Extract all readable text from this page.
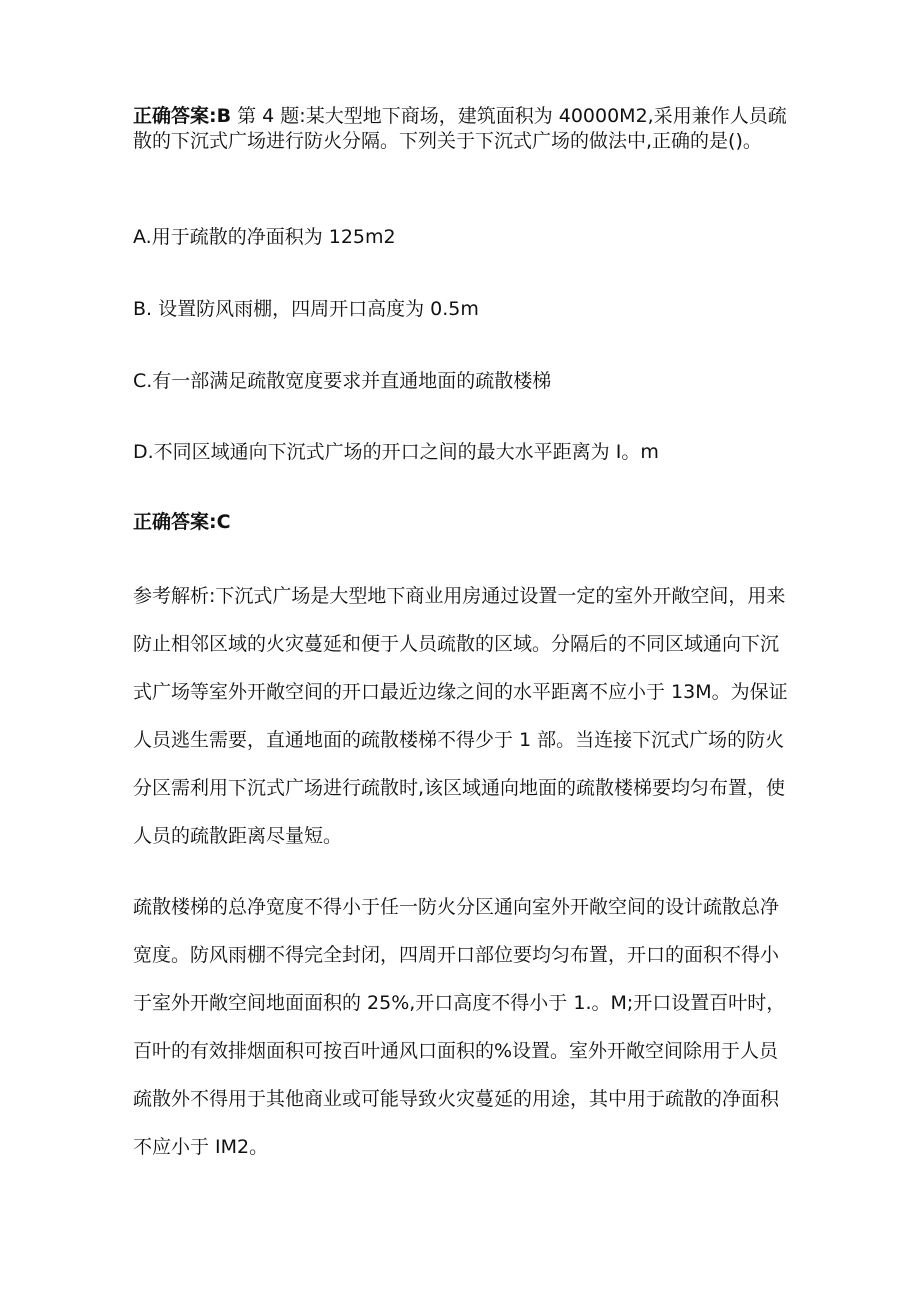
正确答案:B 第 4 题:某大型地下商场，建筑面积为 40000M2,采用兼作人员疏散的下沉式广场进行防火分隔。下列关于下沉式广场的做法中,正确的是()。

A.用于疏散的净面积为 125m2

B. 设置防风雨棚，四周开口高度为 0.5m

C.有一部满足疏散宽度要求并直通地面的疏散楼梯

D.不同区域通向下沉式广场的开口之间的最大水平距离为 I。m

正确答案:C

参考解析:下沉式广场是大型地下商业用房通过设置一定的室外开敞空间，用来防止相邻区域的火灾蔓延和便于人员疏散的区域。分隔后的不同区域通向下沉式广场等室外开敞空间的开口最近边缘之间的水平距离不应小于 13M。为保证人员逃生需要，直通地面的疏散楼梯不得少于 1 部。当连接下沉式广场的防火分区需利用下沉式广场进行疏散时,该区域通向地面的疏散楼梯要均匀布置，使人员的疏散距离尽量短。

疏散楼梯的总净宽度不得小于任一防火分区通向室外开敞空间的设计疏散总净宽度。防风雨棚不得完全封闭，四周开口部位要均匀布置，开口的面积不得小于室外开敞空间地面面积的 25%,开口高度不得小于 1.。M;开口设置百叶时，百叶的有效排烟面积可按百叶通风口面积的%设置。室外开敞空间除用于人员疏散外不得用于其他商业或可能导致火灾蔓延的用途，其中用于疏散的净面积不应小于 IM2。
